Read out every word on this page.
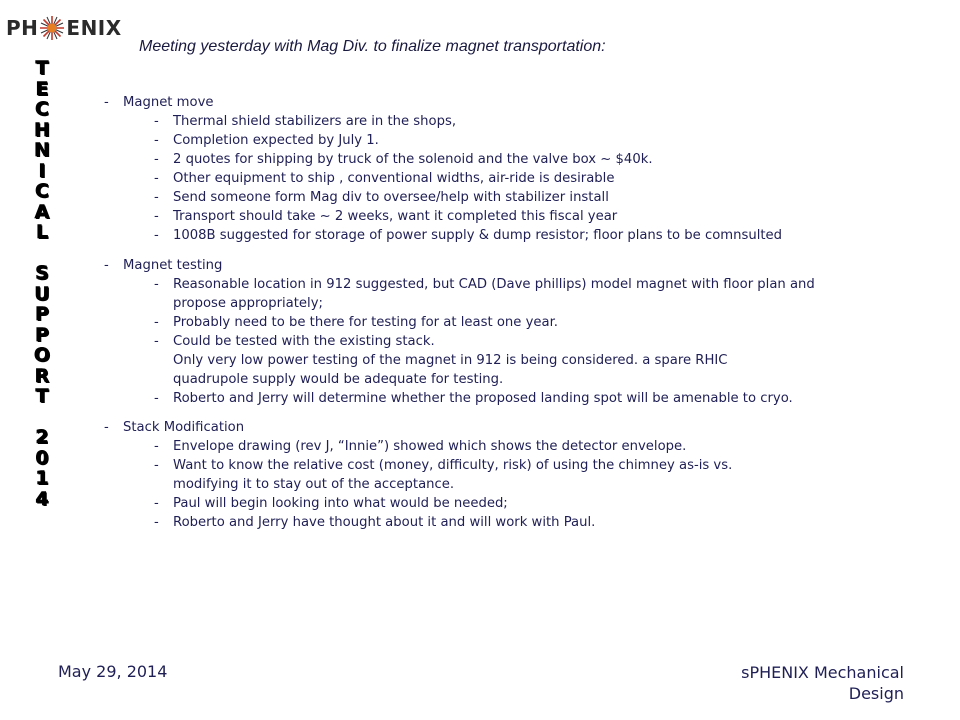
PH ENIX
T
E
C
H
N
I
C
A
L
S
U
P
P
O
R
T
2
0
1
4
Meeting yesterday with Mag Div. to finalize magnet transportation:
-	Magnet move
-	Thermal shield stabilizers are in the shops,
-	Completion expected by July 1.
-	2 quotes for shipping by truck of the solenoid and the valve box ~ $40k.
-	Other equipment to ship , conventional widths, air-ride is desirable
-	Send someone form Mag div to oversee/help with stabilizer install
-	Transport should take ~ 2 weeks, want it completed this fiscal year
-	1008B suggested for storage of power supply & dump resistor; floor plans to be comnsulted
-	Magnet testing
-	Reasonable location in 912 suggested, but CAD (Dave phillips) model magnet with floor plan and
propose appropriately;
-	Probably need to be there for testing for at least one year.
-	Could be tested with the existing stack.
Only very low power testing of the magnet in 912 is being considered. a spare RHIC
quadrupole supply would be adequate for testing.
-	Roberto and Jerry will determine whether the proposed landing spot will be amenable to cryo.
-	Stack Modification
-	Envelope drawing (rev J, “Innie”) showed which shows the detector envelope.
-	Want to know the relative cost (money, difficulty, risk) of using the chimney as-is vs.
modifying it to stay out of the acceptance.
-	Paul will begin looking into what would be needed;
-	Roberto and Jerry have thought about it and will work with Paul.
May 29, 2014	sPHENIX Mechanical
Design
